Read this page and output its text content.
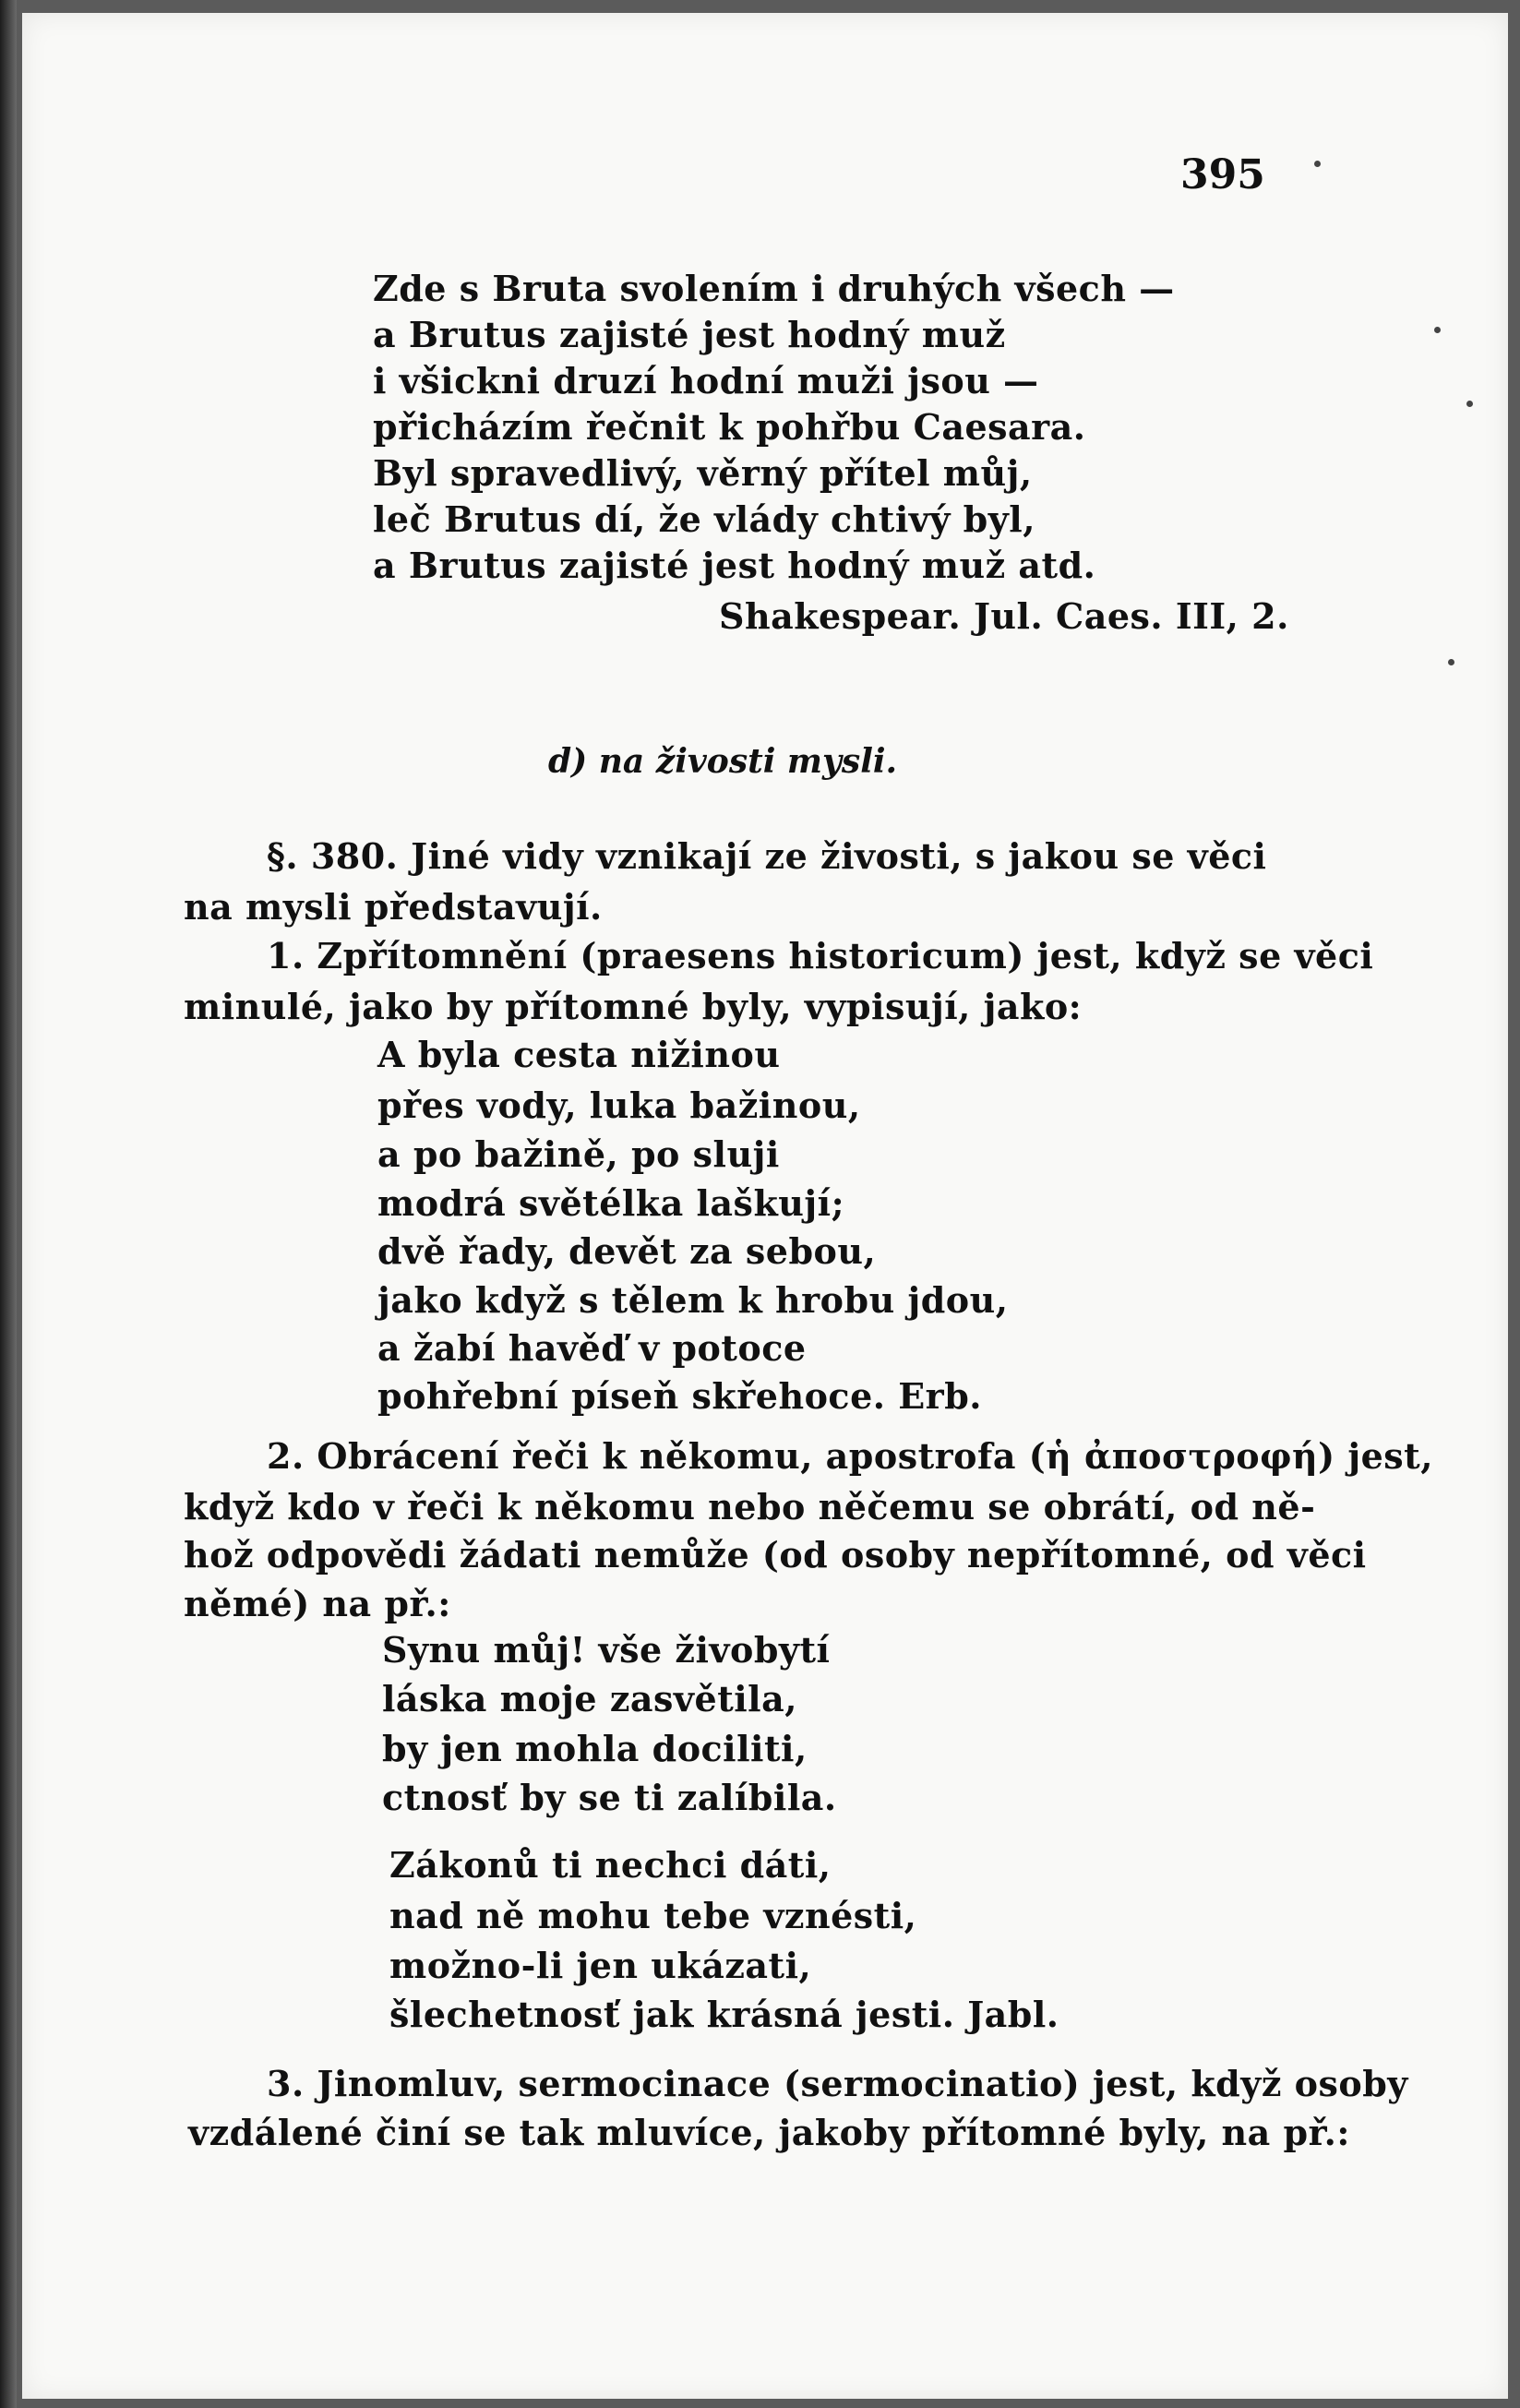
395
Zde s Bruta svolením i druhých všech —
a Brutus zajisté jest hodný muž
i všickni druzí hodní muži jsou —
přicházím řečnit k pohřbu Caesara.
Byl spravedlivý, věrný přítel můj,
leč Brutus dí, že vlády chtivý byl,
a Brutus zajisté jest hodný muž atd.
Shakespear. Jul. Caes. III, 2.
d) na živosti mysli.
§. 380. Jiné vidy vznikají ze živosti, s jakou se věci
na mysli představují.
1. Zpřítomnění (praesens historicum) jest, když se věci
minulé, jako by přítomné byly, vypisují, jako:
A byla cesta nižinou
přes vody, luka bažinou,
a po bažině, po sluji
modrá světélka laškují;
dvě řady, devět za sebou,
jako když s tělem k hrobu jdou,
a žabí havěď v potoce
pohřební píseň skřehoce. Erb.
2. Obrácení řeči k někomu, apostrofa (ἡ ἀποστροφή) jest,
když kdo v řeči k někomu nebo něčemu se obrátí, od ně-
hož odpovědi žádati nemůže (od osoby nepřítomné, od věci
němé) na př.:
Synu můj! vše živobytí
láska moje zasvětila,
by jen mohla dociliti,
ctnosť by se ti zalíbila.
Zákonů ti nechci dáti,
nad ně mohu tebe vznésti,
možno-li jen ukázati,
šlechetnosť jak krásná jesti. Jabl.
3. Jinomluv, sermocinace (sermocinatio) jest, když osoby
vzdálené činí se tak mluvíce, jakoby přítomné byly, na př.:
